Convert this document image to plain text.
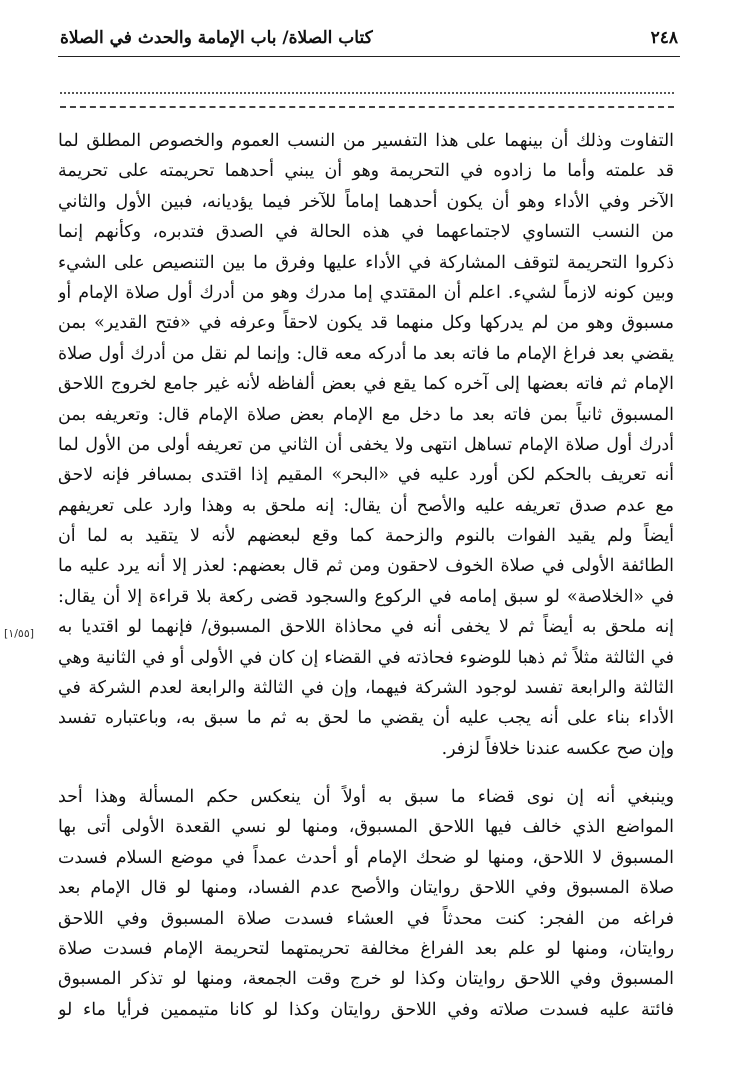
٢٤٨
كتاب الصلاة/ باب الإمامة والحدث في الصلاة
التفاوت وذلك أن بينهما على هذا التفسير من النسب العموم والخصوص المطلق لما
قد علمته وأما ما زادوه في التحريمة وهو أن يبني أحدهما تحريمته على تحريمة
الآخر وفي الأداء وهو أن يكون أحدهما إماماً للآخر فيما يؤديانه، فبين الأول والثاني
من النسب التساوي لاجتماعهما في هذه الحالة في الصدق فتدبره، وكأنهم إنما
ذكروا التحريمة لتوقف المشاركة في الأداء عليها وفرق ما بين التنصيص على الشيء
وبين كونه لازماً لشيء. اعلم أن المقتدي إما مدرك وهو من أدرك أول صلاة الإمام أو
مسبوق وهو من لم يدركها وكل منهما قد يكون لاحقاً وعرفه في «فتح القدير» بمن
يقضي بعد فراغ الإمام ما فاته بعد ما أدركه معه قال: وإنما لم نقل من أدرك أول صلاة
الإمام ثم فاته بعضها إلى آخره كما يقع في بعض ألفاظه لأنه غير جامع لخروج اللاحق
المسبوق ثانياً بمن فاته بعد ما دخل مع الإمام بعض صلاة الإمام قال: وتعريفه بمن
أدرك أول صلاة الإمام تساهل انتهى ولا يخفى أن الثاني من تعريفه أولى من الأول لما
أنه تعريف بالحكم لكن أورد عليه في «البحر» المقيم إذا اقتدى بمسافر فإنه لاحق
مع عدم صدق تعريفه عليه والأصح أن يقال: إنه ملحق به وهذا وارد على تعريفهم
أيضاً ولم يقيد الفوات بالنوم والزحمة كما وقع لبعضهم لأنه لا يتقيد به لما أن
الطائفة الأولى في صلاة الخوف لاحقون ومن ثم قال بعضهم: لعذر إلا أنه يرد عليه ما
في «الخلاصة» لو سبق إمامه في الركوع والسجود قضى ركعة بلا قراءة إلا أن يقال:
إنه ملحق به أيضاً ثم لا يخفى أنه في محاذاة اللاحق المسبوق/ فإنهما لو اقتديا به
في الثالثة مثلاً ثم ذهبا للوضوء فحاذته في القضاء إن كان في الأولى أو في الثانية وهي
الثالثة والرابعة تفسد لوجود الشركة فيهما، وإن في الثالثة والرابعة لعدم الشركة في
الأداء بناء على أنه يجب عليه أن يقضي ما لحق به ثم ما سبق به، وباعتباره تفسد
وإن صح عكسه عندنا خلافاً لزفر.
وينبغي أنه إن نوى قضاء ما سبق به أولاً أن ينعكس حكم المسألة وهذا أحد
المواضع الذي خالف فيها اللاحق المسبوق، ومنها لو نسي القعدة الأولى أتى بها
المسبوق لا اللاحق، ومنها لو ضحك الإمام أو أحدث عمداً في موضع السلام فسدت
صلاة المسبوق وفي اللاحق روايتان والأصح عدم الفساد، ومنها لو قال الإمام بعد
فراغه من الفجر: كنت محدثاً في العشاء فسدت صلاة المسبوق وفي اللاحق
روايتان، ومنها لو علم بعد الفراغ مخالفة تحريمتهما لتحريمة الإمام فسدت صلاة
المسبوق وفي اللاحق روايتان وكذا لو خرج وقت الجمعة، ومنها لو تذكر المسبوق
فائتة عليه فسدت صلاته وفي اللاحق روايتان وكذا لو كانا متيممين فرأيا ماء لو
[١/٥٥]
